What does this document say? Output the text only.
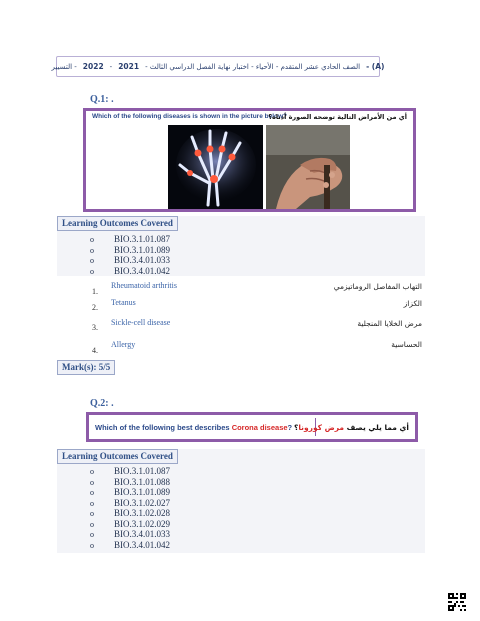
(A) -
الصف الحادي عشر المتقدم - الأحياء - اختبار نهاية الفصل الدراسي الثالث -
2021
-
2022
- التسيير
Q.1: .
Which of the following diseases is shown in the picture below?
أي من الأمراض التالية توضحه الصورة أدناه؟
Learning Outcomes Covered
o BIO.3.1.01.087
o BIO.3.1.01.089
o BIO.3.4.01.033
o BIO.3.4.01.042
1.
Rheumatoid arthritis	التهاب المفاصل الروماتيزمي
2.
Tetanus	الكزاز
3.
Sickle-cell disease	مرض الخلايا المنجلية
4.
Allergy	الحساسية
Mark(s): 5/5
Q.2: .
Which of the following best describes Corona disease?	أي مما يلي يصف مرض كورونا؟
Learning Outcomes Covered
o BIO.3.1.01.087
o BIO.3.1.01.088
o BIO.3.1.01.089
o BIO.3.1.02.027
o BIO.3.1.02.028
o BIO.3.1.02.029
o BIO.3.4.01.033
o BIO.3.4.01.042
